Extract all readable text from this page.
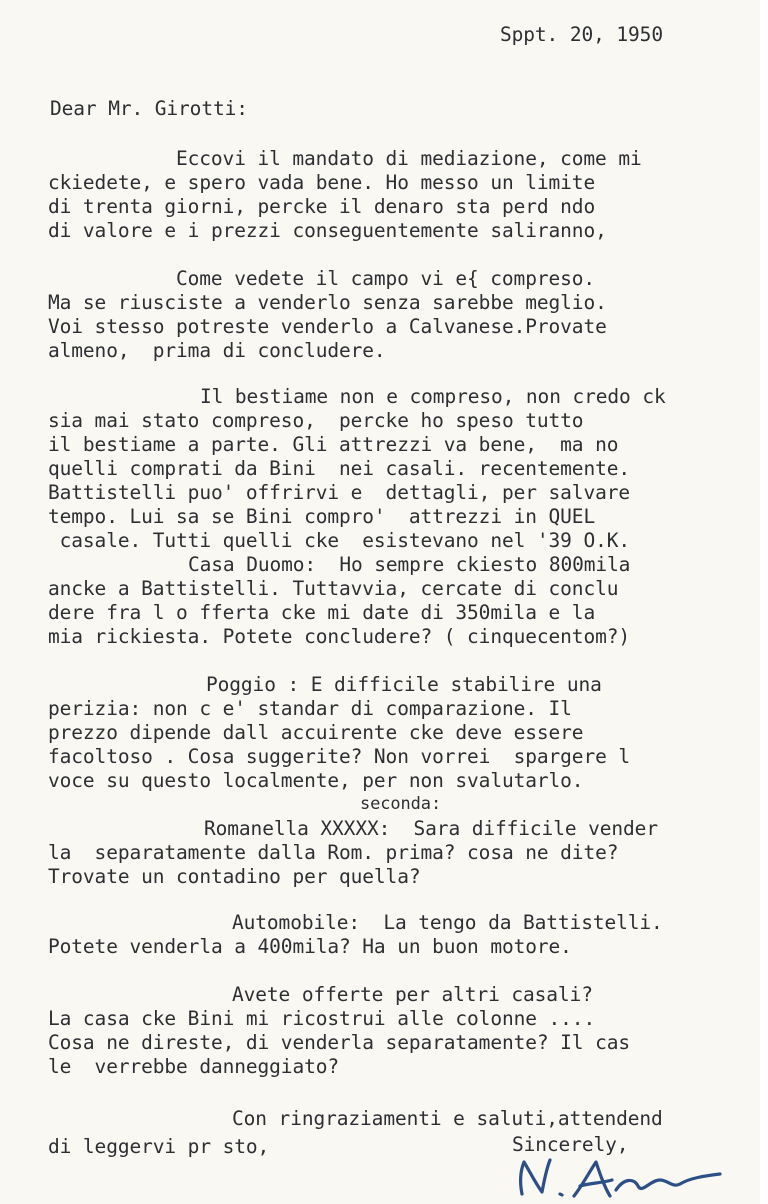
Sppt. 20, 1950
Dear Mr. Girotti:
Eccovi il mandato di mediazione, come mi
ckiedete, e spero vada bene. Ho messo un limite
di trenta giorni, percke il denaro sta perd ndo
di valore e i prezzi conseguentemente saliranno,
Come vedete il campo vi e{ compreso.
Ma se riusciste a venderlo senza sarebbe meglio.
Voi stesso potreste venderlo a Calvanese.Provate
almeno,  prima di concludere.
Il bestiame non e compreso, non credo ck
sia mai stato compreso,  percke ho speso tutto
il bestiame a parte. Gli attrezzi va bene,  ma no
quelli comprati da Bini  nei casali. recentemente.
Battistelli puo' offrirvi e  dettagli, per salvare
tempo. Lui sa se Bini compro'  attrezzi in QUEL
casale. Tutti quelli cke  esistevano nel '39 O.K.
Casa Duomo:  Ho sempre ckiesto 800mila
ancke a Battistelli. Tuttavvia, cercate di conclu
dere fra l o fferta cke mi date di 350mila e la
mia rickiesta. Potete concludere? ( cinquecentom?)
Poggio : E difficile stabilire una
perizia: non c e' standar di comparazione. Il
prezzo dipende dall accuirente cke deve essere
facoltoso . Cosa suggerite? Non vorrei  spargere l
voce su questo localmente, per non svalutarlo.
seconda:
Romanella XXXXX:  Sara difficile vender
la  separatamente dalla Rom. prima? cosa ne dite?
Trovate un contadino per quella?
Automobile:  La tengo da Battistelli.
Potete venderla a 400mila? Ha un buon motore.
Avete offerte per altri casali?
La casa cke Bini mi ricostrui alle colonne ....
Cosa ne direste, di venderla separatamente? Il cas
le  verrebbe danneggiato?
Con ringraziamenti e saluti,attendend
di leggervi pr sto,	Sincerely,
